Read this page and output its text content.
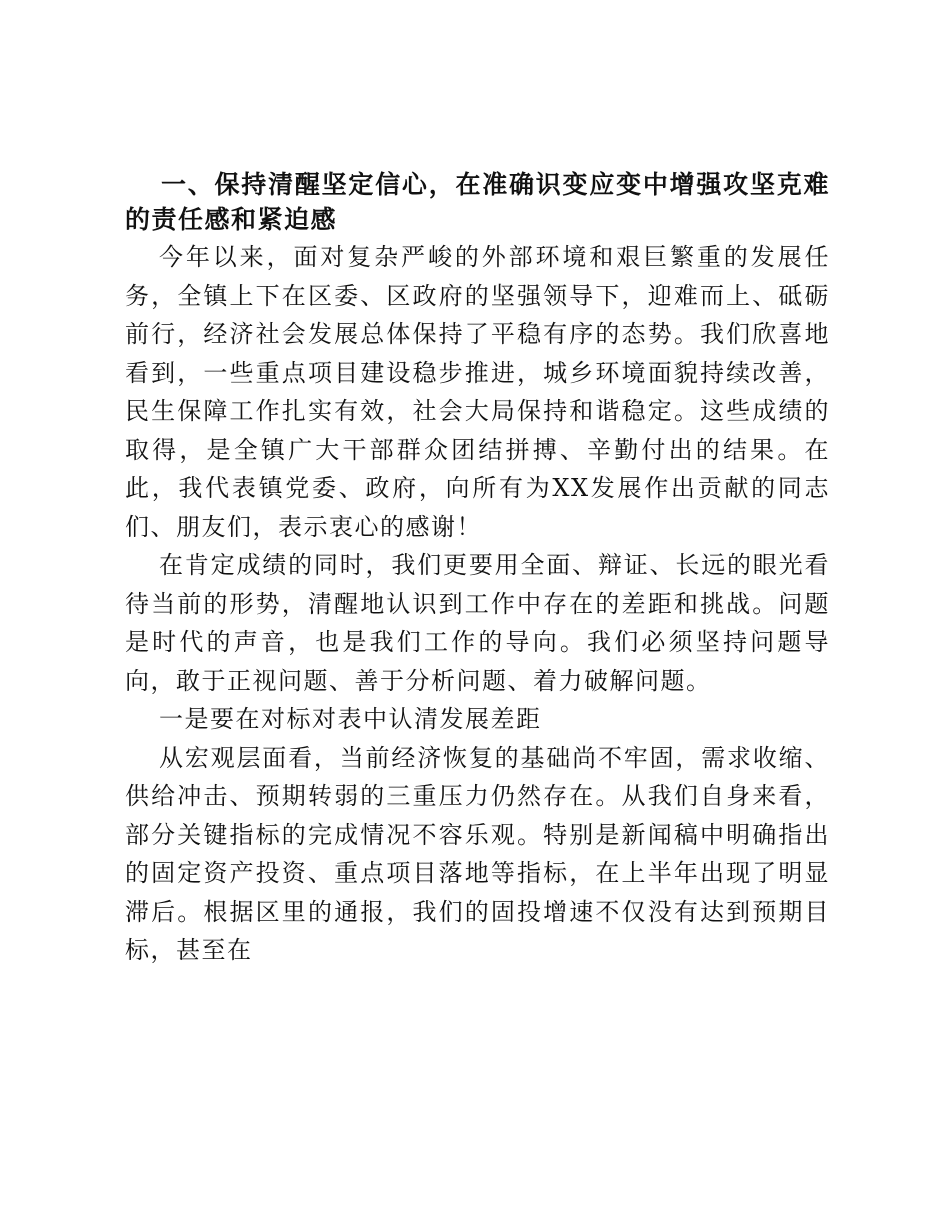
一、保持清醒坚定信心，在准确识变应变中增强攻坚克难的责任感和紧迫感

今年以来，面对复杂严峻的外部环境和艰巨繁重的发展任务，全镇上下在区委、区政府的坚强领导下，迎难而上、砥砺前行，经济社会发展总体保持了平稳有序的态势。我们欣喜地看到，一些重点项目建设稳步推进，城乡环境面貌持续改善，民生保障工作扎实有效，社会大局保持和谐稳定。这些成绩的取得，是全镇广大干部群众团结拼搏、辛勤付出的结果。在此，我代表镇党委、政府，向所有为XX发展作出贡献的同志们、朋友们，表示衷心的感谢！

在肯定成绩的同时，我们更要用全面、辩证、长远的眼光看待当前的形势，清醒地认识到工作中存在的差距和挑战。问题是时代的声音，也是我们工作的导向。我们必须坚持问题导向，敢于正视问题、善于分析问题、着力破解问题。

一是要在对标对表中认清发展差距

从宏观层面看，当前经济恢复的基础尚不牢固，需求收缩、供给冲击、预期转弱的三重压力仍然存在。从我们自身来看，部分关键指标的完成情况不容乐观。特别是新闻稿中明确指出的固定资产投资、重点项目落地等指标，在上半年出现了明显滞后。根据区里的通报，我们的固投增速不仅没有达到预期目标，甚至在
